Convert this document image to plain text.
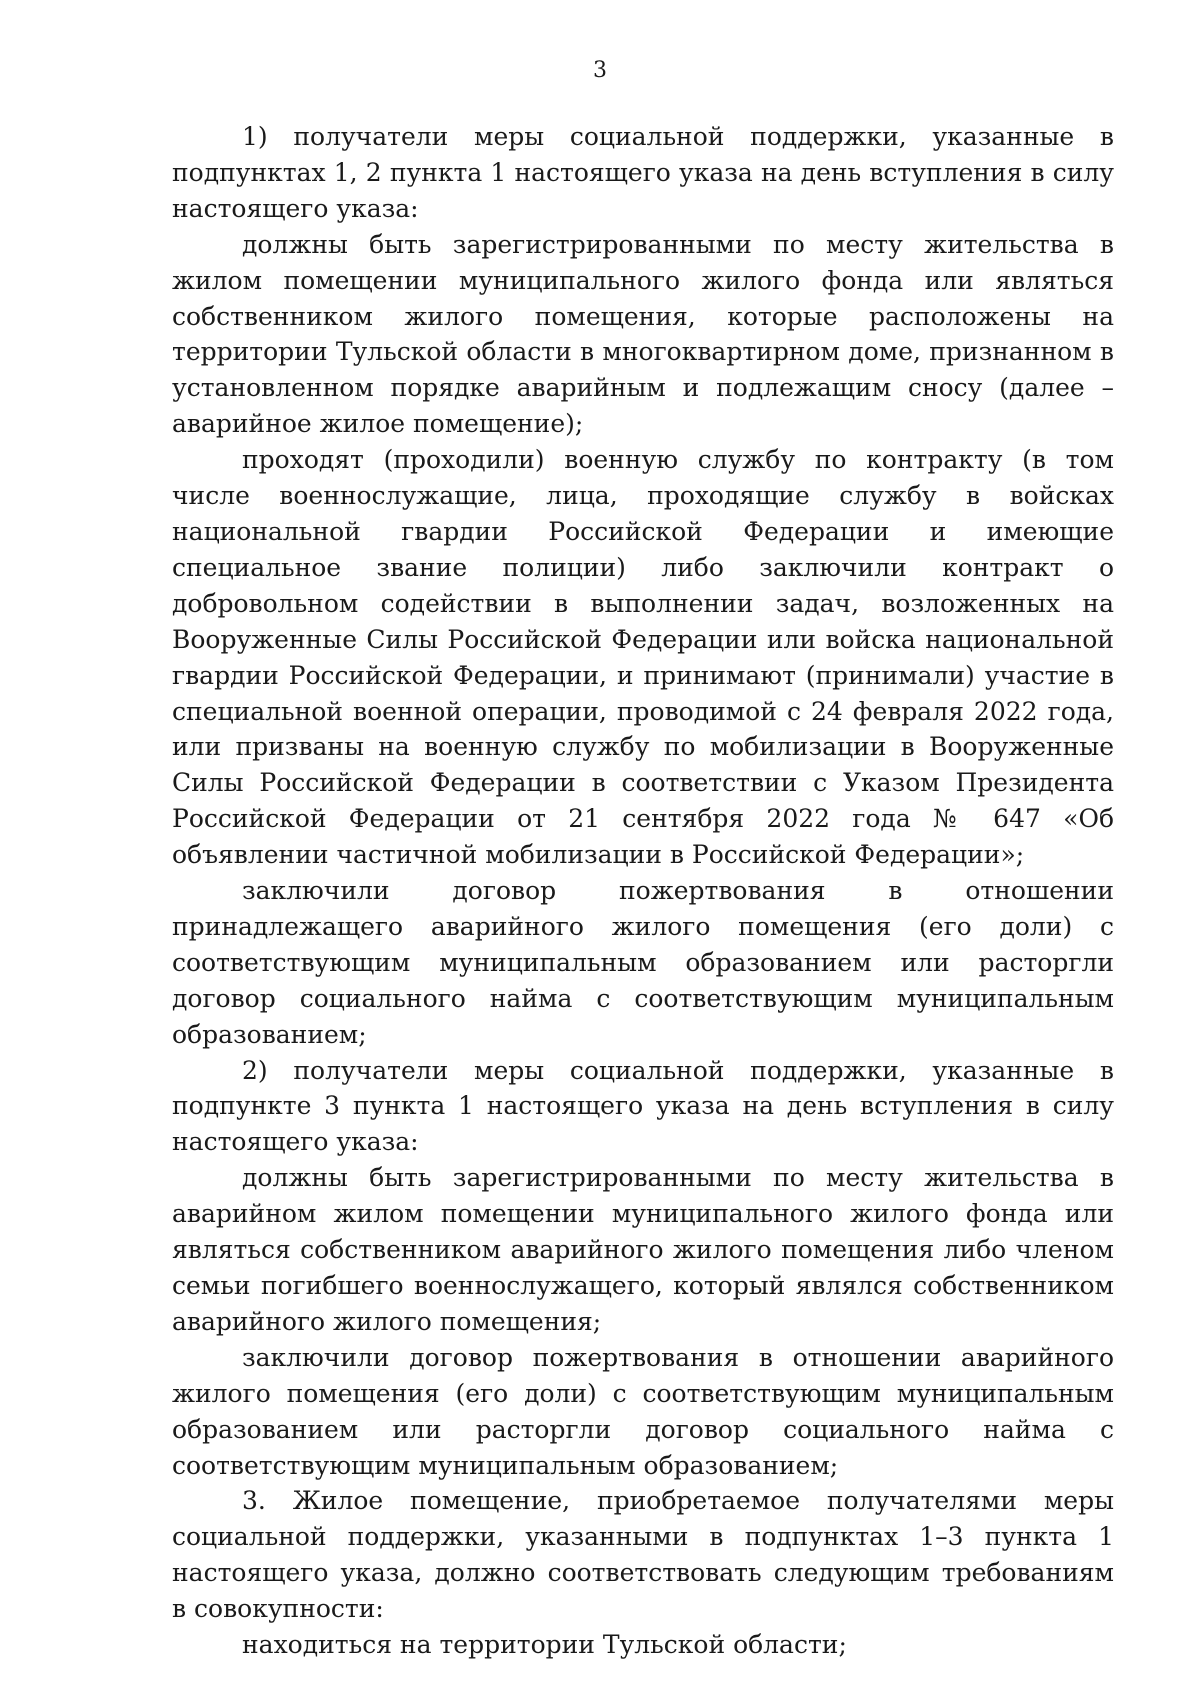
3

1) получатели меры социальной поддержки, указанные в подпунктах 1, 2 пункта 1 настоящего указа на день вступления в силу настоящего указа:

должны быть зарегистрированными по месту жительства в жилом помещении муниципального жилого фонда или являться собственником жилого помещения, которые расположены на территории Тульской области в многоквартирном доме, признанном в установленном порядке аварийным и подлежащим сносу (далее – аварийное жилое помещение);

проходят (проходили) военную службу по контракту (в том числе военнослужащие, лица, проходящие службу в войсках национальной гвардии Российской Федерации и имеющие специальное звание полиции) либо заключили контракт о добровольном содействии в выполнении задач, возложенных на Вооруженные Силы Российской Федерации или войска национальной гвардии Российской Федерации, и принимают (принимали) участие в специальной военной операции, проводимой с 24 февраля 2022 года, или призваны на военную службу по мобилизации в Вооруженные Силы Российской Федерации в соответствии с Указом Президента Российской Федерации от 21 сентября 2022 года № 647 «Об объявлении частичной мобилизации в Российской Федерации»;

заключили договор пожертвования в отношении принадлежащего аварийного жилого помещения (его доли) с соответствующим муниципальным образованием или расторгли договор социального найма с соответствующим муниципальным образованием;

2) получатели меры социальной поддержки, указанные в подпункте 3 пункта 1 настоящего указа на день вступления в силу настоящего указа:

должны быть зарегистрированными по месту жительства в аварийном жилом помещении муниципального жилого фонда или являться собственником аварийного жилого помещения либо членом семьи погибшего военнослужащего, который являлся собственником аварийного жилого помещения;

заключили договор пожертвования в отношении аварийного жилого помещения (его доли) с соответствующим муниципальным образованием или расторгли договор социального найма с соответствующим муниципальным образованием;

3. Жилое помещение, приобретаемое получателями меры социальной поддержки, указанными в подпунктах 1–3 пункта 1 настоящего указа, должно соответствовать следующим требованиям в совокупности:

находиться на территории Тульской области;
